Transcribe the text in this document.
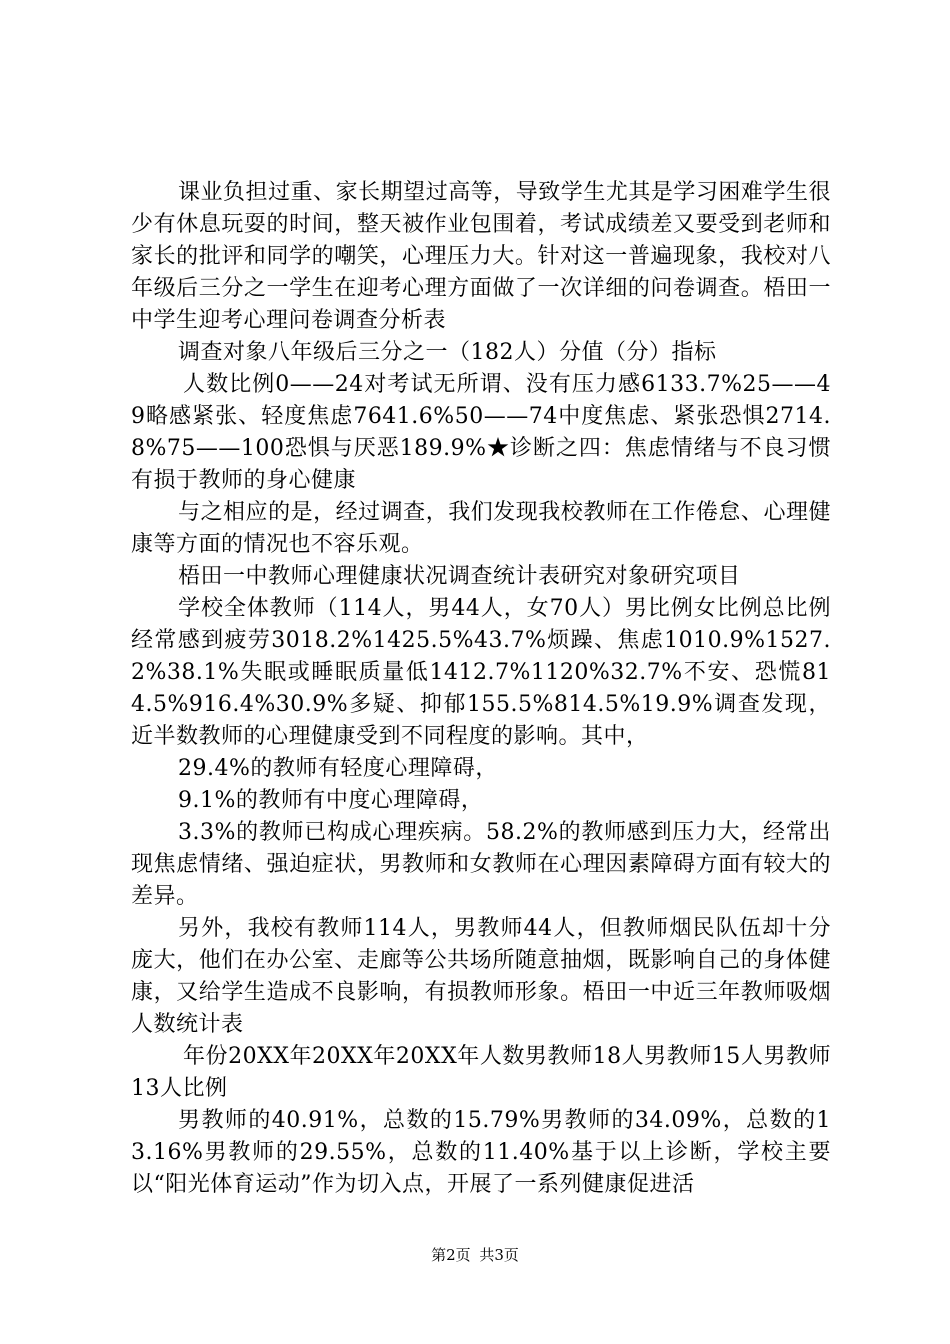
课业负担过重、家长期望过高等，导致学生尤其是学习困难学生很少有休息玩耍的时间，整天被作业包围着，考试成绩差又要受到老师和家长的批评和同学的嘲笑，心理压力大。针对这一普遍现象，我校对八年级后三分之一学生在迎考心理方面做了一次详细的问卷调查。梧田一中学生迎考心理问卷调查分析表

调查对象八年级后三分之一（182人）分值（分）指标

人数比例0——24对考试无所谓、没有压力感6133.7%25——49略感紧张、轻度焦虑7641.6%50——74中度焦虑、紧张恐惧2714.8%75——100恐惧与厌恶189.9%★诊断之四：焦虑情绪与不良习惯有损于教师的身心健康

与之相应的是，经过调查，我们发现我校教师在工作倦怠、心理健康等方面的情况也不容乐观。

梧田一中教师心理健康状况调查统计表研究对象研究项目

学校全体教师（114人，男44人，女70人）男比例女比例总比例经常感到疲劳3018.2%1425.5%43.7%烦躁、焦虑1010.9%1527.2%38.1%失眠或睡眠质量低1412.7%1120%32.7%不安、恐慌814.5%916.4%30.9%多疑、抑郁155.5%814.5%19.9%调查发现，近半数教师的心理健康受到不同程度的影响。其中，

29.4%的教师有轻度心理障碍，

9.1%的教师有中度心理障碍，

3.3%的教师已构成心理疾病。58.2%的教师感到压力大，经常出现焦虑情绪、强迫症状，男教师和女教师在心理因素障碍方面有较大的差异。

另外，我校有教师114人，男教师44人，但教师烟民队伍却十分庞大，他们在办公室、走廊等公共场所随意抽烟，既影响自己的身体健康，又给学生造成不良影响，有损教师形象。梧田一中近三年教师吸烟人数统计表

年份20XX年20XX年20XX年人数男教师18人男教师15人男教师13人比例

男教师的40.91%，总数的15.79%男教师的34.09%，总数的13.16%男教师的29.55%，总数的11.40%基于以上诊断，学校主要以“阳光体育运动”作为切入点，开展了一系列健康促进活

第2页 共3页
